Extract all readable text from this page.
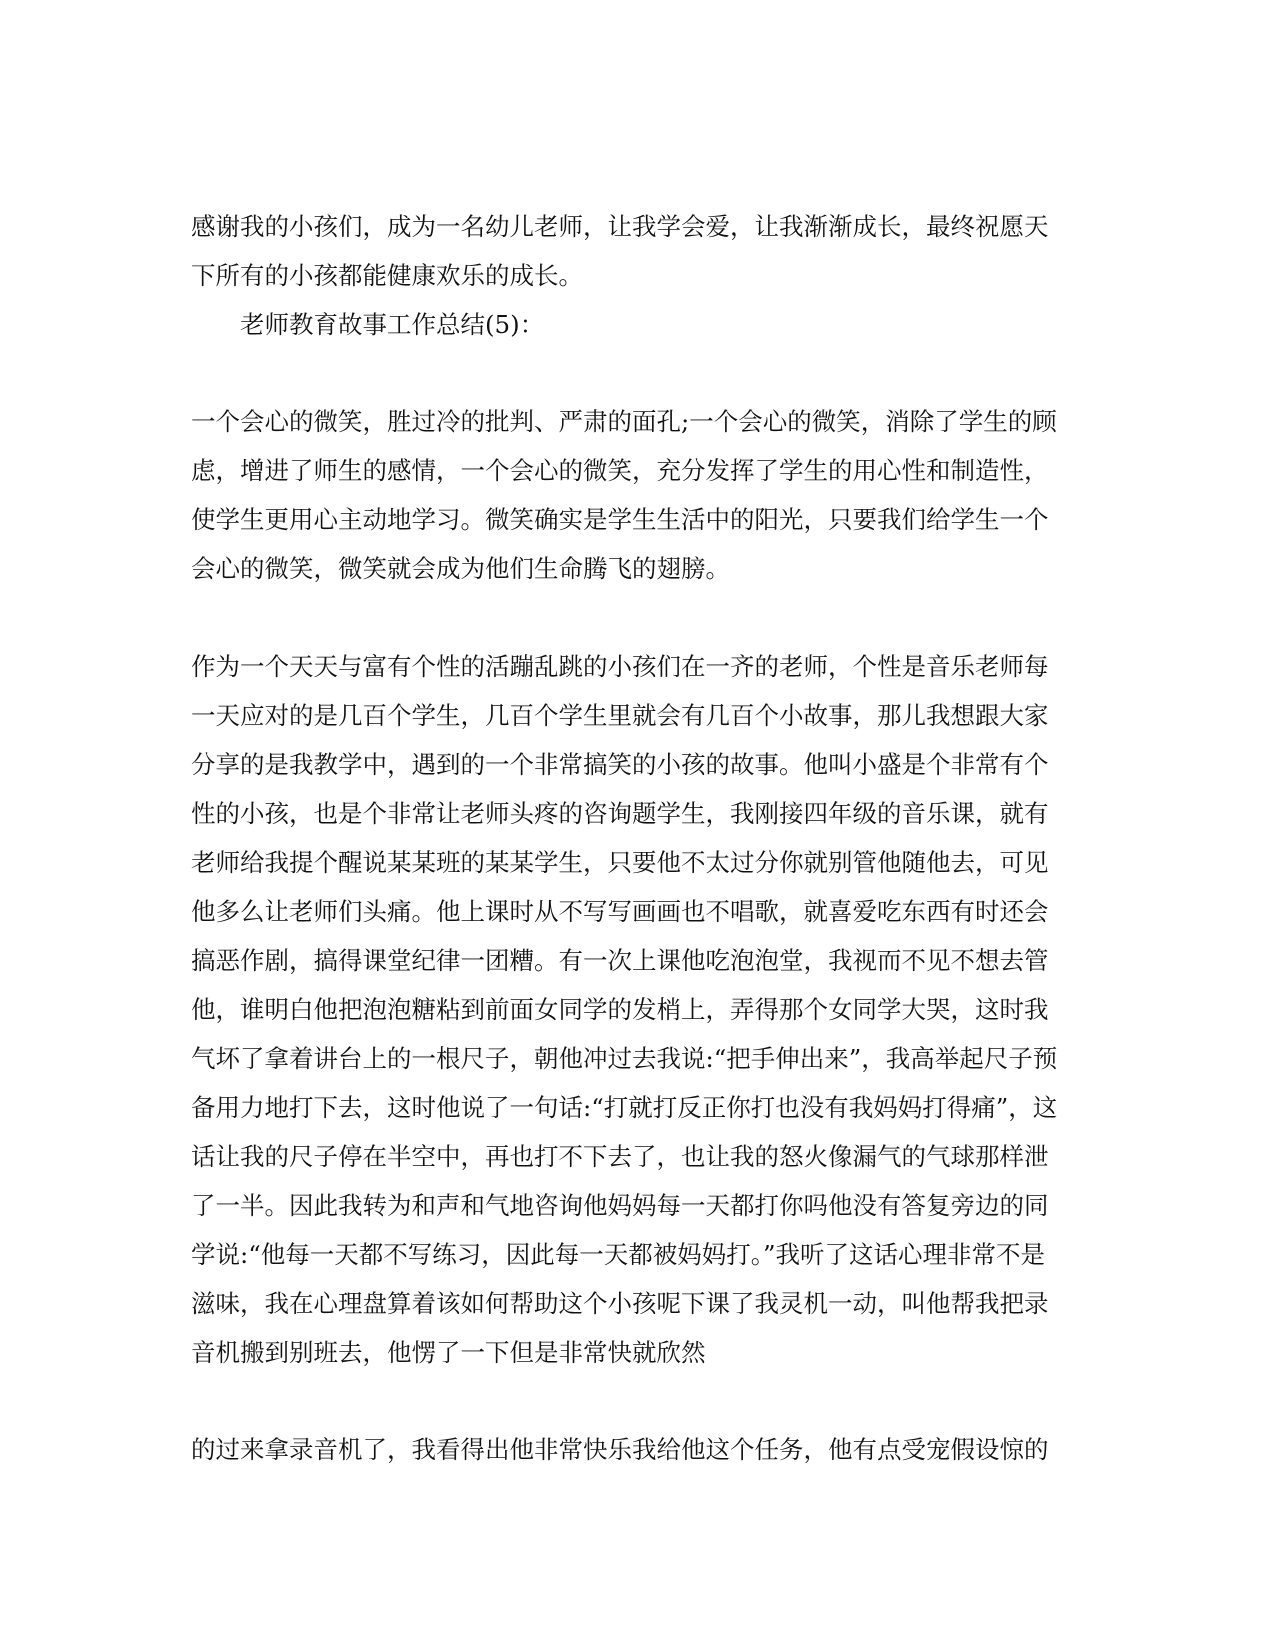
感谢我的小孩们，成为一名幼儿老师，让我学会爱，让我渐渐成长，最终祝愿天
下所有的小孩都能健康欢乐的成长。
老师教育故事工作总结(5)：
一个会心的微笑，胜过冷的批判、严肃的面孔;一个会心的微笑，消除了学生的顾
虑，增进了师生的感情，一个会心的微笑，充分发挥了学生的用心性和制造性，
使学生更用心主动地学习。微笑确实是学生生活中的阳光，只要我们给学生一个
会心的微笑，微笑就会成为他们生命腾飞的翅膀。
作为一个天天与富有个性的活蹦乱跳的小孩们在一齐的老师，个性是音乐老师每
一天应对的是几百个学生，几百个学生里就会有几百个小故事，那儿我想跟大家
分享的是我教学中，遇到的一个非常搞笑的小孩的故事。他叫小盛是个非常有个
性的小孩，也是个非常让老师头疼的咨询题学生，我刚接四年级的音乐课，就有
老师给我提个醒说某某班的某某学生，只要他不太过分你就别管他随他去，可见
他多么让老师们头痛。他上课时从不写写画画也不唱歌，就喜爱吃东西有时还会
搞恶作剧，搞得课堂纪律一团糟。有一次上课他吃泡泡堂，我视而不见不想去管
他，谁明白他把泡泡糖粘到前面女同学的发梢上，弄得那个女同学大哭，这时我
气坏了拿着讲台上的一根尺子，朝他冲过去我说:“把手伸出来”，我高举起尺子预
备用力地打下去，这时他说了一句话:“打就打反正你打也没有我妈妈打得痛”，这
话让我的尺子停在半空中，再也打不下去了，也让我的怒火像漏气的气球那样泄
了一半。因此我转为和声和气地咨询他妈妈每一天都打你吗他没有答复旁边的同
学说:“他每一天都不写练习，因此每一天都被妈妈打。”我听了这话心理非常不是
滋味，我在心理盘算着该如何帮助这个小孩呢下课了我灵机一动，叫他帮我把录
音机搬到别班去，他愣了一下但是非常快就欣然
的过来拿录音机了，我看得出他非常快乐我给他这个任务，他有点受宠假设惊的
